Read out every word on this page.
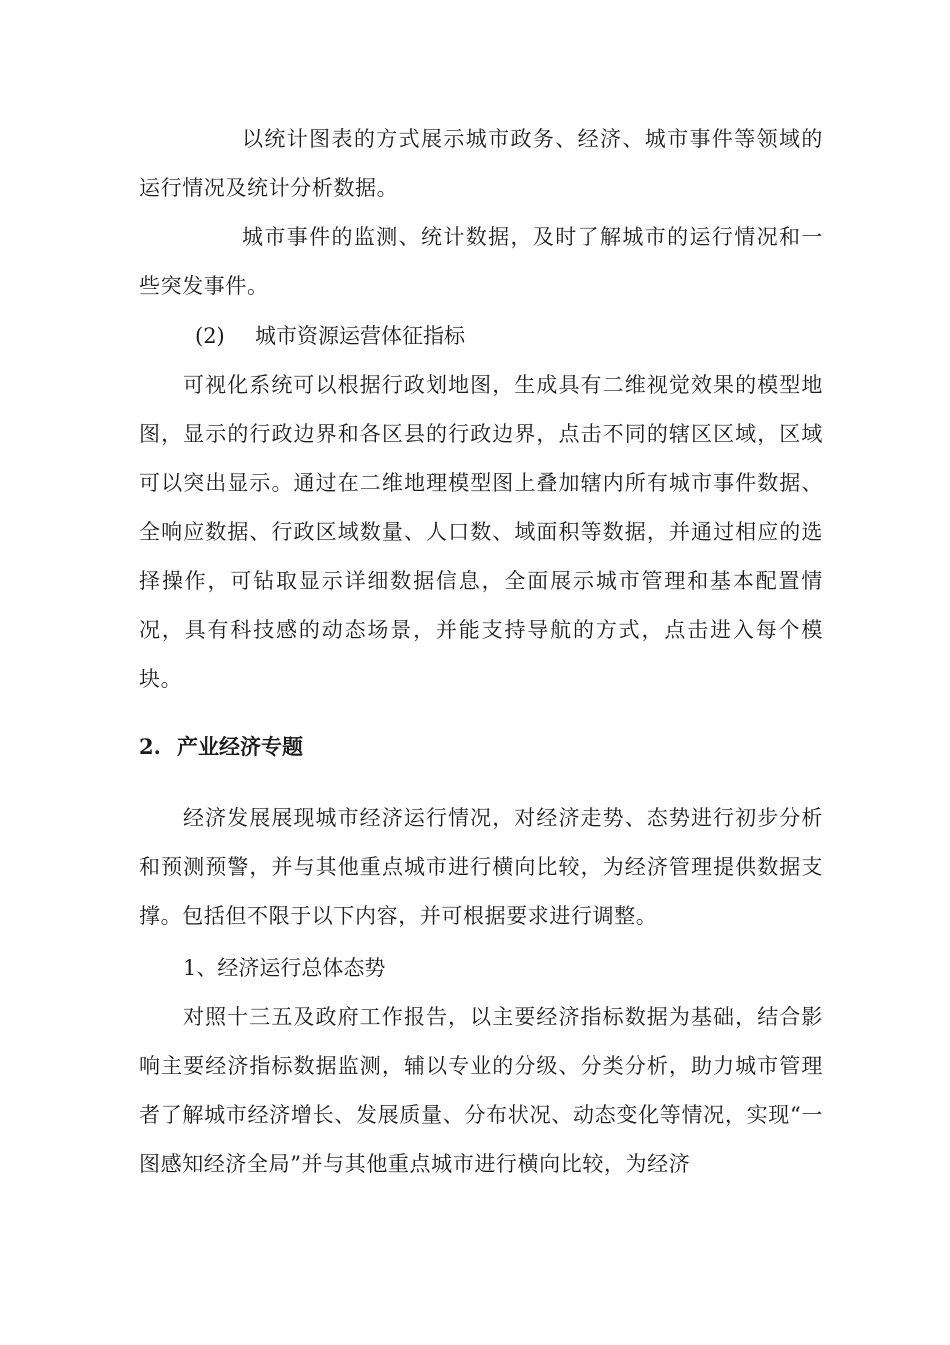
以统计图表的方式展示城市政务、经济、城市事件等领域的运行情况及统计分析数据。

城市事件的监测、统计数据，及时了解城市的运行情况和一些突发事件。

(2) 城市资源运营体征指标

可视化系统可以根据行政划地图，生成具有二维视觉效果的模型地图，显示的行政边界和各区县的行政边界，点击不同的辖区区域，区域可以突出显示。通过在二维地理模型图上叠加辖内所有城市事件数据、全响应数据、行政区域数量、人口数、域面积等数据，并通过相应的选择操作，可钻取显示详细数据信息，全面展示城市管理和基本配置情况，具有科技感的动态场景，并能支持导航的方式，点击进入每个模块。

2. 产业经济专题

经济发展展现城市经济运行情况，对经济走势、态势进行初步分析和预测预警，并与其他重点城市进行横向比较，为经济管理提供数据支撑。包括但不限于以下内容，并可根据要求进行调整。

1、经济运行总体态势

对照十三五及政府工作报告，以主要经济指标数据为基础，结合影响主要经济指标数据监测，辅以专业的分级、分类分析，助力城市管理者了解城市经济增长、发展质量、分布状况、动态变化等情况，实现“一图感知经济全局”并与其他重点城市进行横向比较，为经济
